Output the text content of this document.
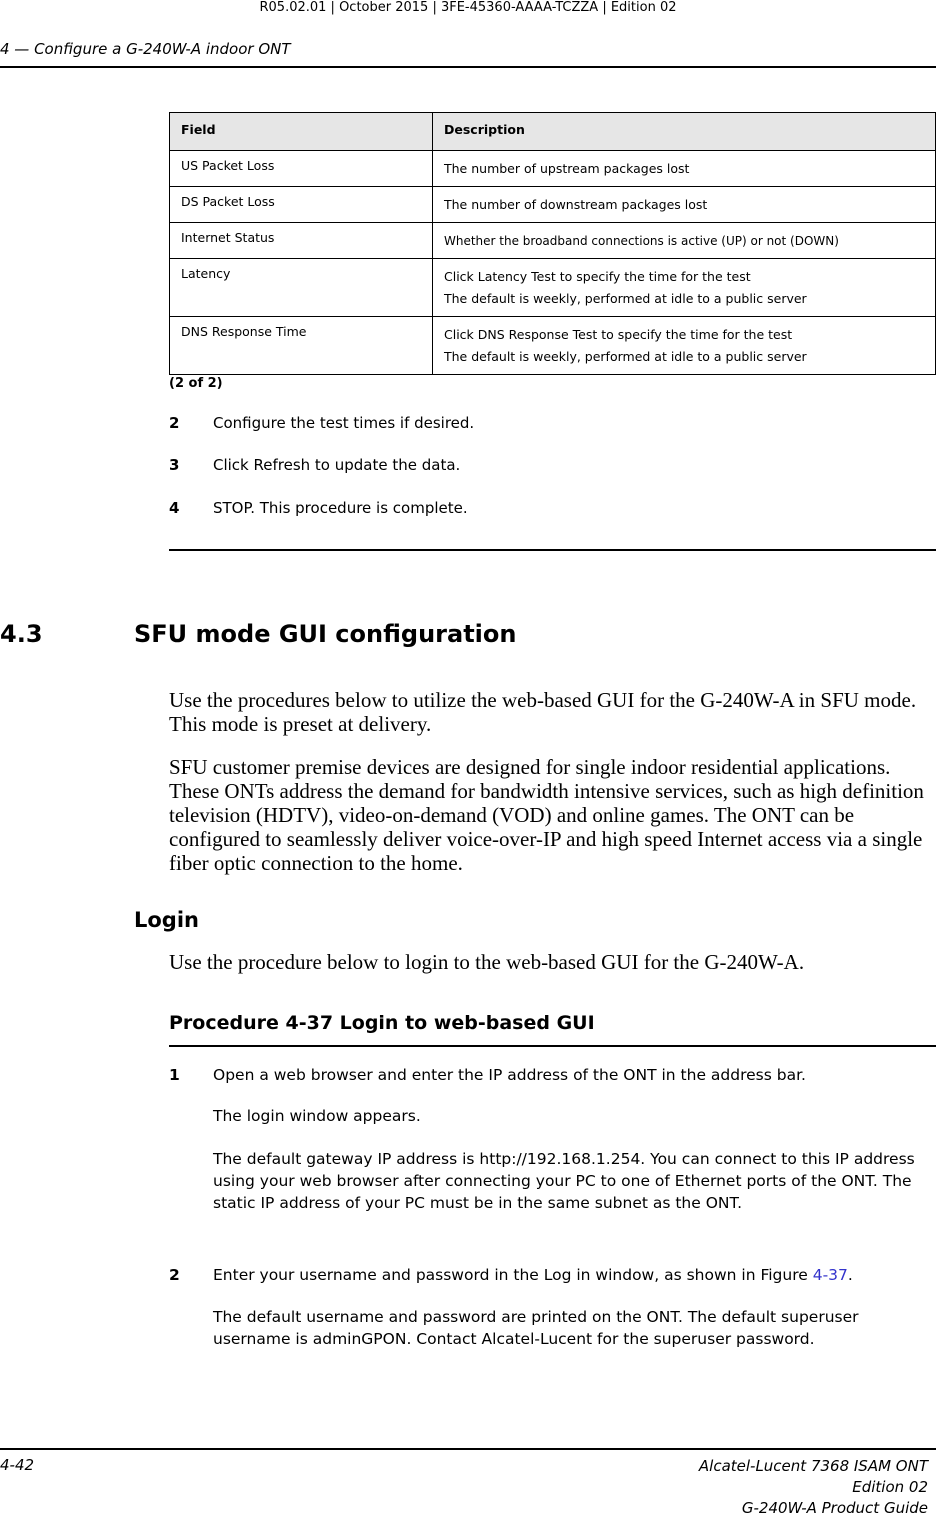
R05.02.01 | October 2015 | 3FE-45360-AAAA-TCZZA | Edition 02
4 — Configure a G-240W-A indoor ONT
Field	Description
US Packet Loss	The number of upstream packages lost

DS Packet Loss	The number of downstream packages lost

Internet Status	Whether the broadband connections is active (UP) or not (DOWN)

Latency	Click Latency Test to specify the time for the test

The default is weekly, performed at idle to a public server

DNS Response Time	Click DNS Response Test to specify the time for the test

The default is weekly, performed at idle to a public server

(2 of 2)
2 Configure the test times if desired.
3 Click Refresh to update the data.
4 STOP. This procedure is complete.
4.3	SFU mode GUI configuration
Use the procedures below to utilize the web-based GUI for the G-240W-A in SFU mode. This mode is preset at delivery.
SFU customer premise devices are designed for single indoor residential applications. These ONTs address the demand for bandwidth intensive services, such as high definition television (HDTV), video-on-demand (VOD) and online games. The ONT can be configured to seamlessly deliver voice-over-IP and high speed Internet access via a single fiber optic connection to the home.
Login
Use the procedure below to login to the web-based GUI for the G-240W-A.
Procedure 4-37 Login to web-based GUI
1 Open a web browser and enter the IP address of the ONT in the address bar.
The login window appears.
The default gateway IP address is http://192.168.1.254. You can connect to this IP address using your web browser after connecting your PC to one of Ethernet ports of the ONT. The static IP address of your PC must be in the same subnet as the ONT.
2 Enter your username and password in the Log in window, as shown in Figure 4-37.
The default username and password are printed on the ONT. The default superuser username is adminGPON. Contact Alcatel-Lucent for the superuser password.
4-42	Alcatel-Lucent 7368 ISAM ONT
Edition 02
G-240W-A Product Guide
